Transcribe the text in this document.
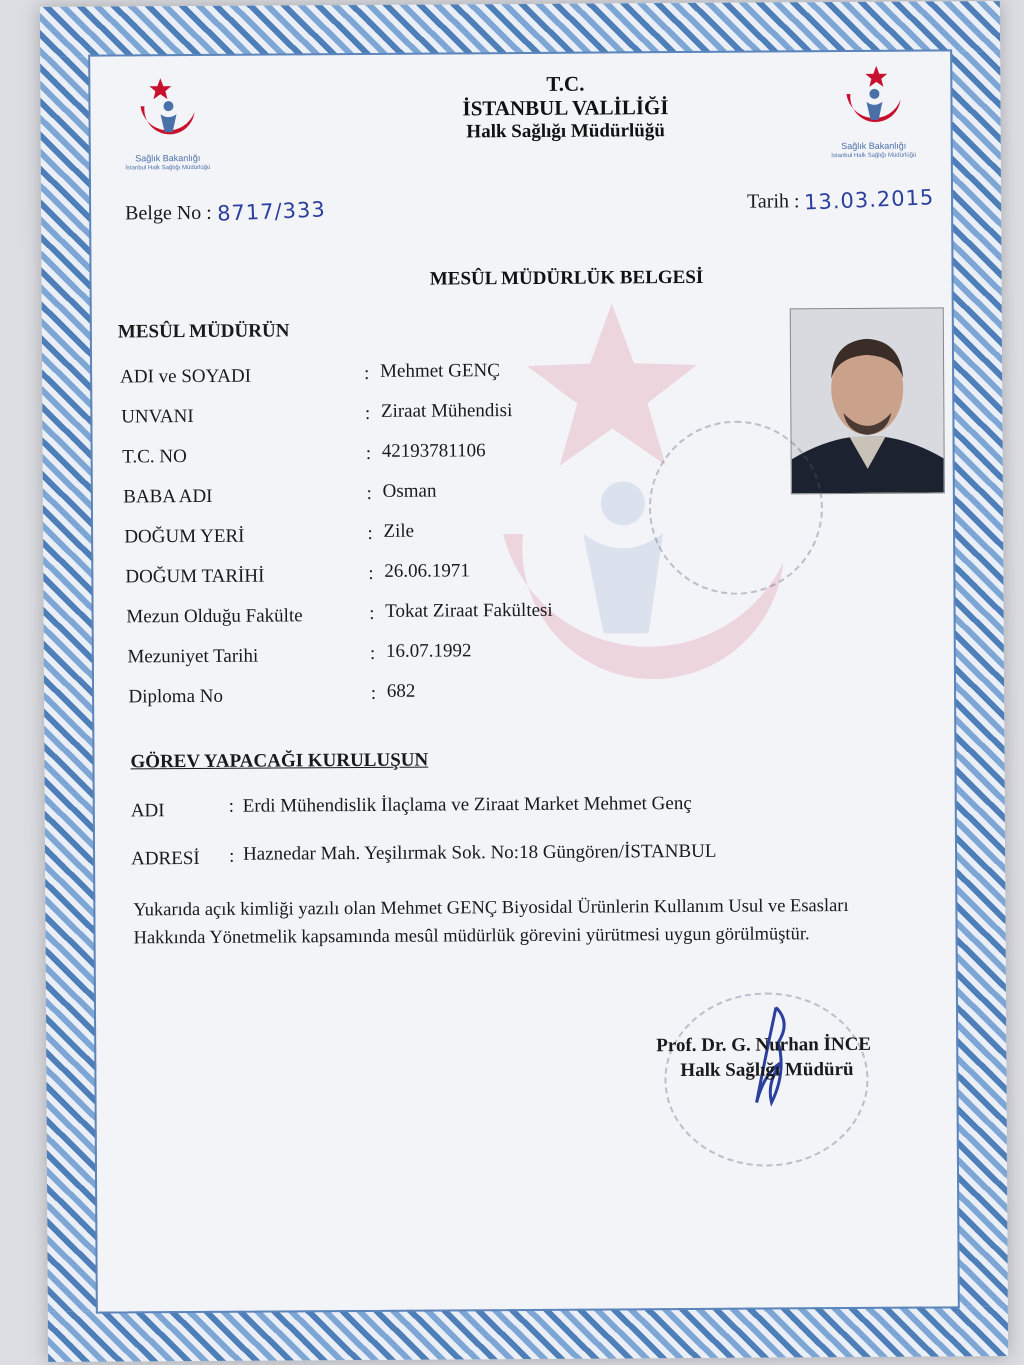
Sağlık Bakanlığı
İstanbul Halk Sağlığı Müdürlüğü
Sağlık Bakanlığı
İstanbul Halk Sağlığı Müdürlüğü
T.C.
İSTANBUL VALİLİĞİ
Halk Sağlığı Müdürlüğü
Belge No : 8717/333	Tarih : 13.03.2015
MESÛL MÜDÜRLÜK BELGESİ
MESÛL MÜDÜRÜN
ADI ve SOYADI	: Mehmet GENÇ
UNVANI	: Ziraat Mühendisi
T.C. NO	: 42193781106
BABA ADI	: Osman
DOĞUM YERİ	: Zile
DOĞUM TARİHİ	: 26.06.1971
Mezun Olduğu Fakülte	: Tokat Ziraat Fakültesi
Mezuniyet Tarihi	: 16.07.1992
Diploma No	: 682
GÖREV YAPACAĞI KURULUŞUN
ADI	: Erdi Mühendislik İlaçlama ve Ziraat Market Mehmet Genç
ADRESİ : Haznedar Mah. Yeşilırmak Sok. No:18 Güngören/İSTANBUL
Yukarıda açık kimliği yazılı olan Mehmet GENÇ Biyosidal Ürünlerin Kullanım Usul ve Esasları
Hakkında Yönetmelik kapsamında mesûl müdürlük görevini yürütmesi uygun görülmüştür.
Prof. Dr. G. Nurhan İNCE
Halk Sağlığı Müdürü
